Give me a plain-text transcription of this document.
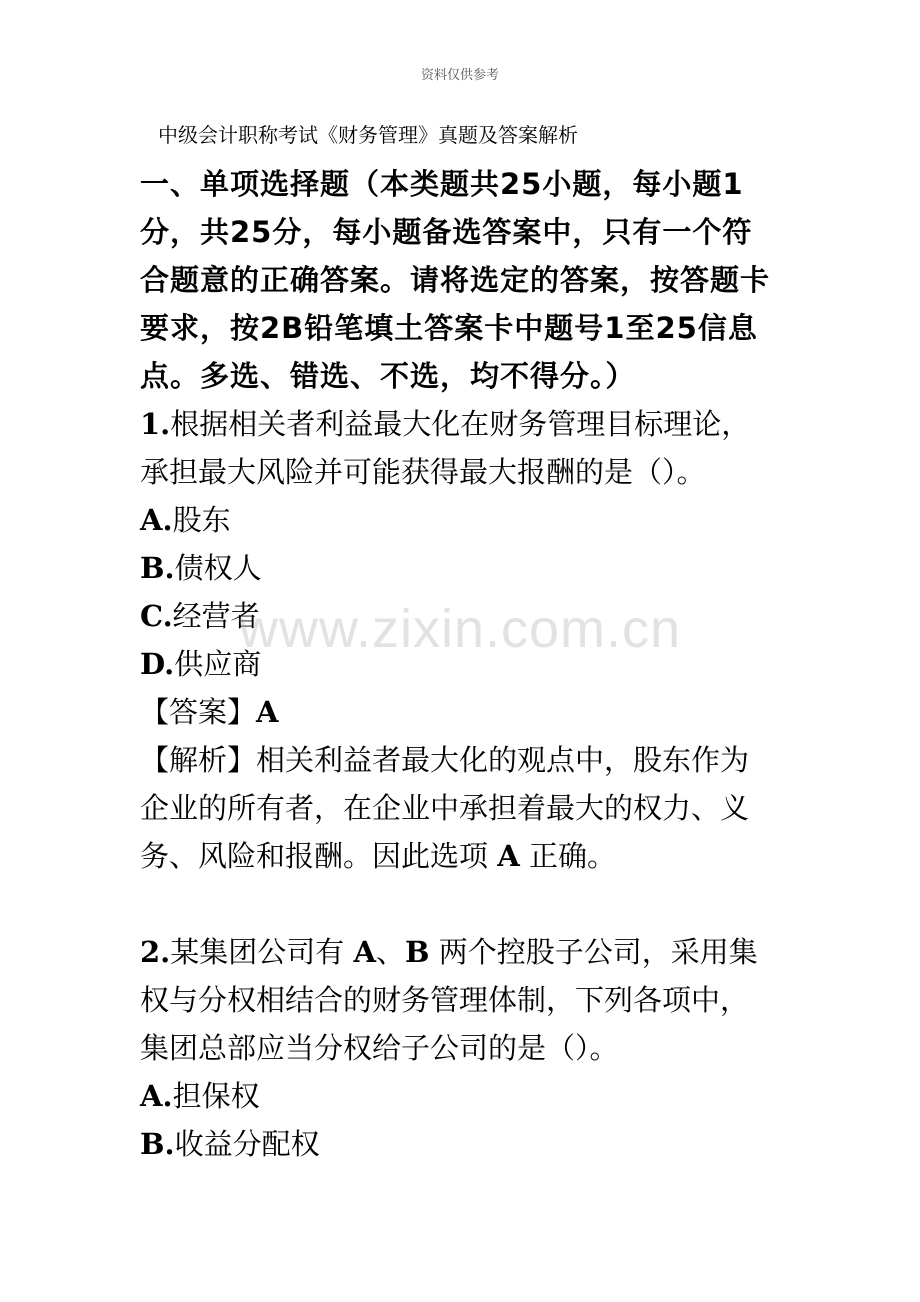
资料仅供参考
中级会计职称考试《财务管理》真题及答案解析

一、单项选择题（本类题共25小题，每小题1
分，共25分，每小题备选答案中，只有一个符
合题意的正确答案。请将选定的答案，按答题卡
要求，按2B铅笔填土答案卡中题号1至25信息
点。多选、错选、不选，均不得分。）

1.根据相关者利益最大化在财务管理目标理论，
承担最大风险并可能获得最大报酬的是（）。
A.股东
B.债权人
C.经营者
D.供应商
【答案】A
【解析】相关利益者最大化的观点中，股东作为
企业的所有者，在企业中承担着最大的权力、义
务、风险和报酬。因此选项 A 正确。
2.某集团公司有 A、B 两个控股子公司，采用集
权与分权相结合的财务管理体制，下列各项中，
集团总部应当分权给子公司的是（）。
A.担保权
B.收益分配权
www.zixin.com.cn
